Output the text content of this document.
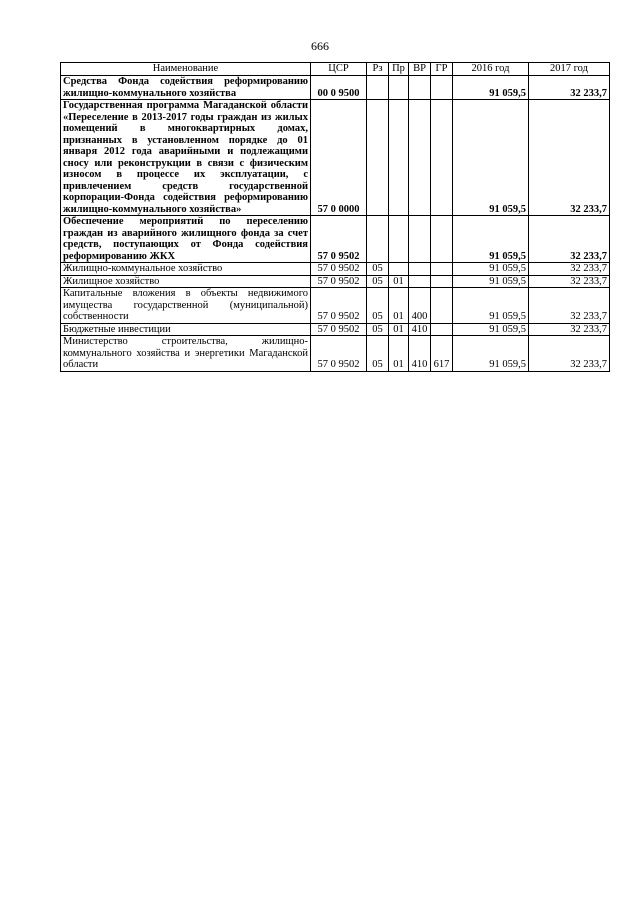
666
Наименование	ЦСР	Рз	Пр	ВР	ГР	2016 год	2017 год
Средства Фонда содействия реформированию жилищно-коммунального хозяйства	00 0 9500					91 059,5	32 233,7
Государственная программа Магаданской области «Переселение в 2013-2017 годы граждан из жилых помещений в многоквартирных домах, признанных в установленном порядке до 01 января 2012 года аварийными и подлежащими сносу или реконструкции в связи с физическим износом в процессе их эксплуатации, с привлечением средств государственной корпорации-Фонда содействия реформированию жилищно-коммунального хозяйства»	57 0 0000					91 059,5	32 233,7
Обеспечение мероприятий по переселению граждан из аварийного жилищного фонда за счет средств, поступающих от Фонда содействия реформированию ЖКХ	57 0 9502					91 059,5	32 233,7
Жилищно-коммунальное хозяйство	57 0 9502	05				91 059,5	32 233,7
Жилищное хозяйство	57 0 9502	05	01			91 059,5	32 233,7
Капитальные вложения в объекты недвижимого имущества государственной (муниципальной) собственности	57 0 9502	05	01	400		91 059,5	32 233,7
Бюджетные инвестиции	57 0 9502	05	01	410		91 059,5	32 233,7
Министерство строительства, жилищно-коммунального хозяйства и энергетики Магаданской области	57 0 9502	05	01	410	617	91 059,5	32 233,7
